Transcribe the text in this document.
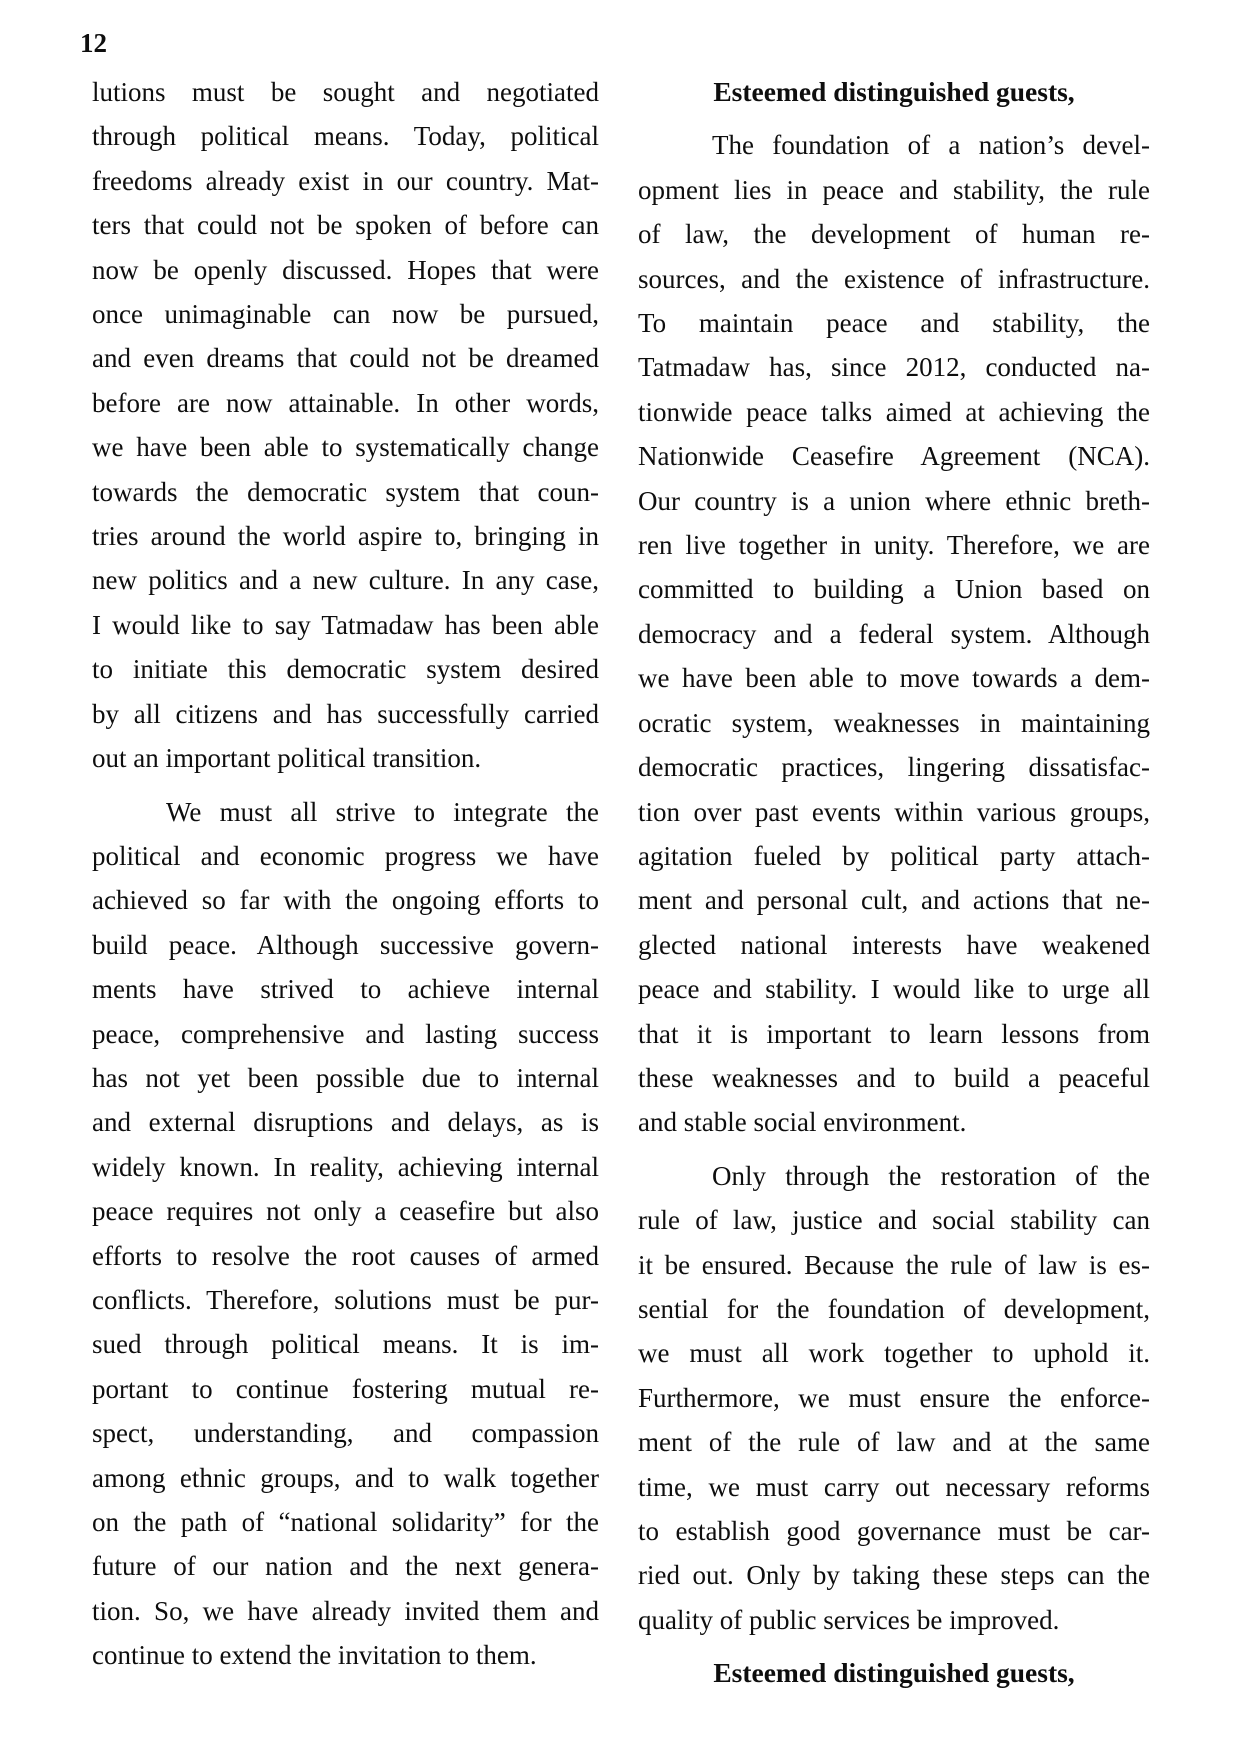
12
lutions must be sought and negotiated
through political means. Today, political
freedoms already exist in our country. Mat-
ters that could not be spoken of before can
now be openly discussed. Hopes that were
once unimaginable can now be pursued,
and even dreams that could not be dreamed
before are now attainable. In other words,
we have been able to systematically change
towards the democratic system that coun-
tries around the world aspire to, bringing in
new politics and a new culture. In any case,
I would like to say Tatmadaw has been able
to initiate this democratic system desired
by all citizens and has successfully carried
out an important political transition.
We must all strive to integrate the
political and economic progress we have
achieved so far with the ongoing efforts to
build peace. Although successive govern-
ments have strived to achieve internal
peace, comprehensive and lasting success
has not yet been possible due to internal
and external disruptions and delays, as is
widely known. In reality, achieving internal
peace requires not only a ceasefire but also
efforts to resolve the root causes of armed
conflicts. Therefore, solutions must be pur-
sued through political means. It is im-
portant to continue fostering mutual re-
spect, understanding, and compassion
among ethnic groups, and to walk together
on the path of “national solidarity” for the
future of our nation and the next genera-
tion. So, we have already invited them and
continue to extend the invitation to them.
Esteemed distinguished guests,
The foundation of a nation’s devel-
opment lies in peace and stability, the rule
of law, the development of human re-
sources, and the existence of infrastructure.
To maintain peace and stability, the
Tatmadaw has, since 2012, conducted na-
tionwide peace talks aimed at achieving the
Nationwide Ceasefire Agreement (NCA).
Our country is a union where ethnic breth-
ren live together in unity. Therefore, we are
committed to building a Union based on
democracy and a federal system. Although
we have been able to move towards a dem-
ocratic system, weaknesses in maintaining
democratic practices, lingering dissatisfac-
tion over past events within various groups,
agitation fueled by political party attach-
ment and personal cult, and actions that ne-
glected national interests have weakened
peace and stability. I would like to urge all
that it is important to learn lessons from
these weaknesses and to build a peaceful
and stable social environment.
Only through the restoration of the
rule of law, justice and social stability can
it be ensured. Because the rule of law is es-
sential for the foundation of development,
we must all work together to uphold it.
Furthermore, we must ensure the enforce-
ment of the rule of law and at the same
time, we must carry out necessary reforms
to establish good governance must be car-
ried out. Only by taking these steps can the
quality of public services be improved.
Esteemed distinguished guests,
